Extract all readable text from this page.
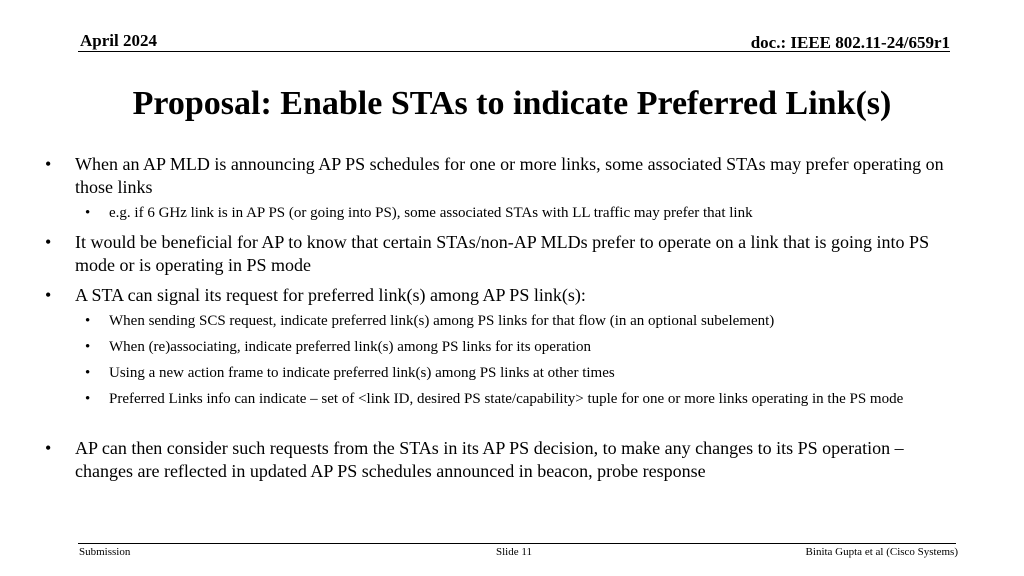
April 2024	doc.: IEEE 802.11-24/659r1
Proposal: Enable STAs to indicate Preferred Link(s)
• When an AP MLD is announcing AP PS schedules for one or more links, some associated STAs may prefer operating on those links
• e.g. if 6 GHz link is in AP PS (or going into PS), some associated STAs with LL traffic may prefer that link
• It would be beneficial for AP to know that certain STAs/non-AP MLDs prefer to operate on a link that is going into PS mode or is operating in PS mode
• A STA can signal its request for preferred link(s) among AP PS link(s):
• When sending SCS request, indicate preferred link(s) among PS links for that flow (in an optional subelement)
• When (re)associating, indicate preferred link(s) among PS links for its operation
• Using a new action frame to indicate preferred link(s) among PS links at other times
• Preferred Links info can indicate – set of <link ID, desired PS state/capability> tuple for one or more links operating in the PS mode
• AP can then consider such requests from the STAs in its AP PS decision, to make any changes to its PS operation – changes are reflected in updated AP PS schedules announced in beacon, probe response
Submission	Slide 11	Binita Gupta et al (Cisco Systems)
